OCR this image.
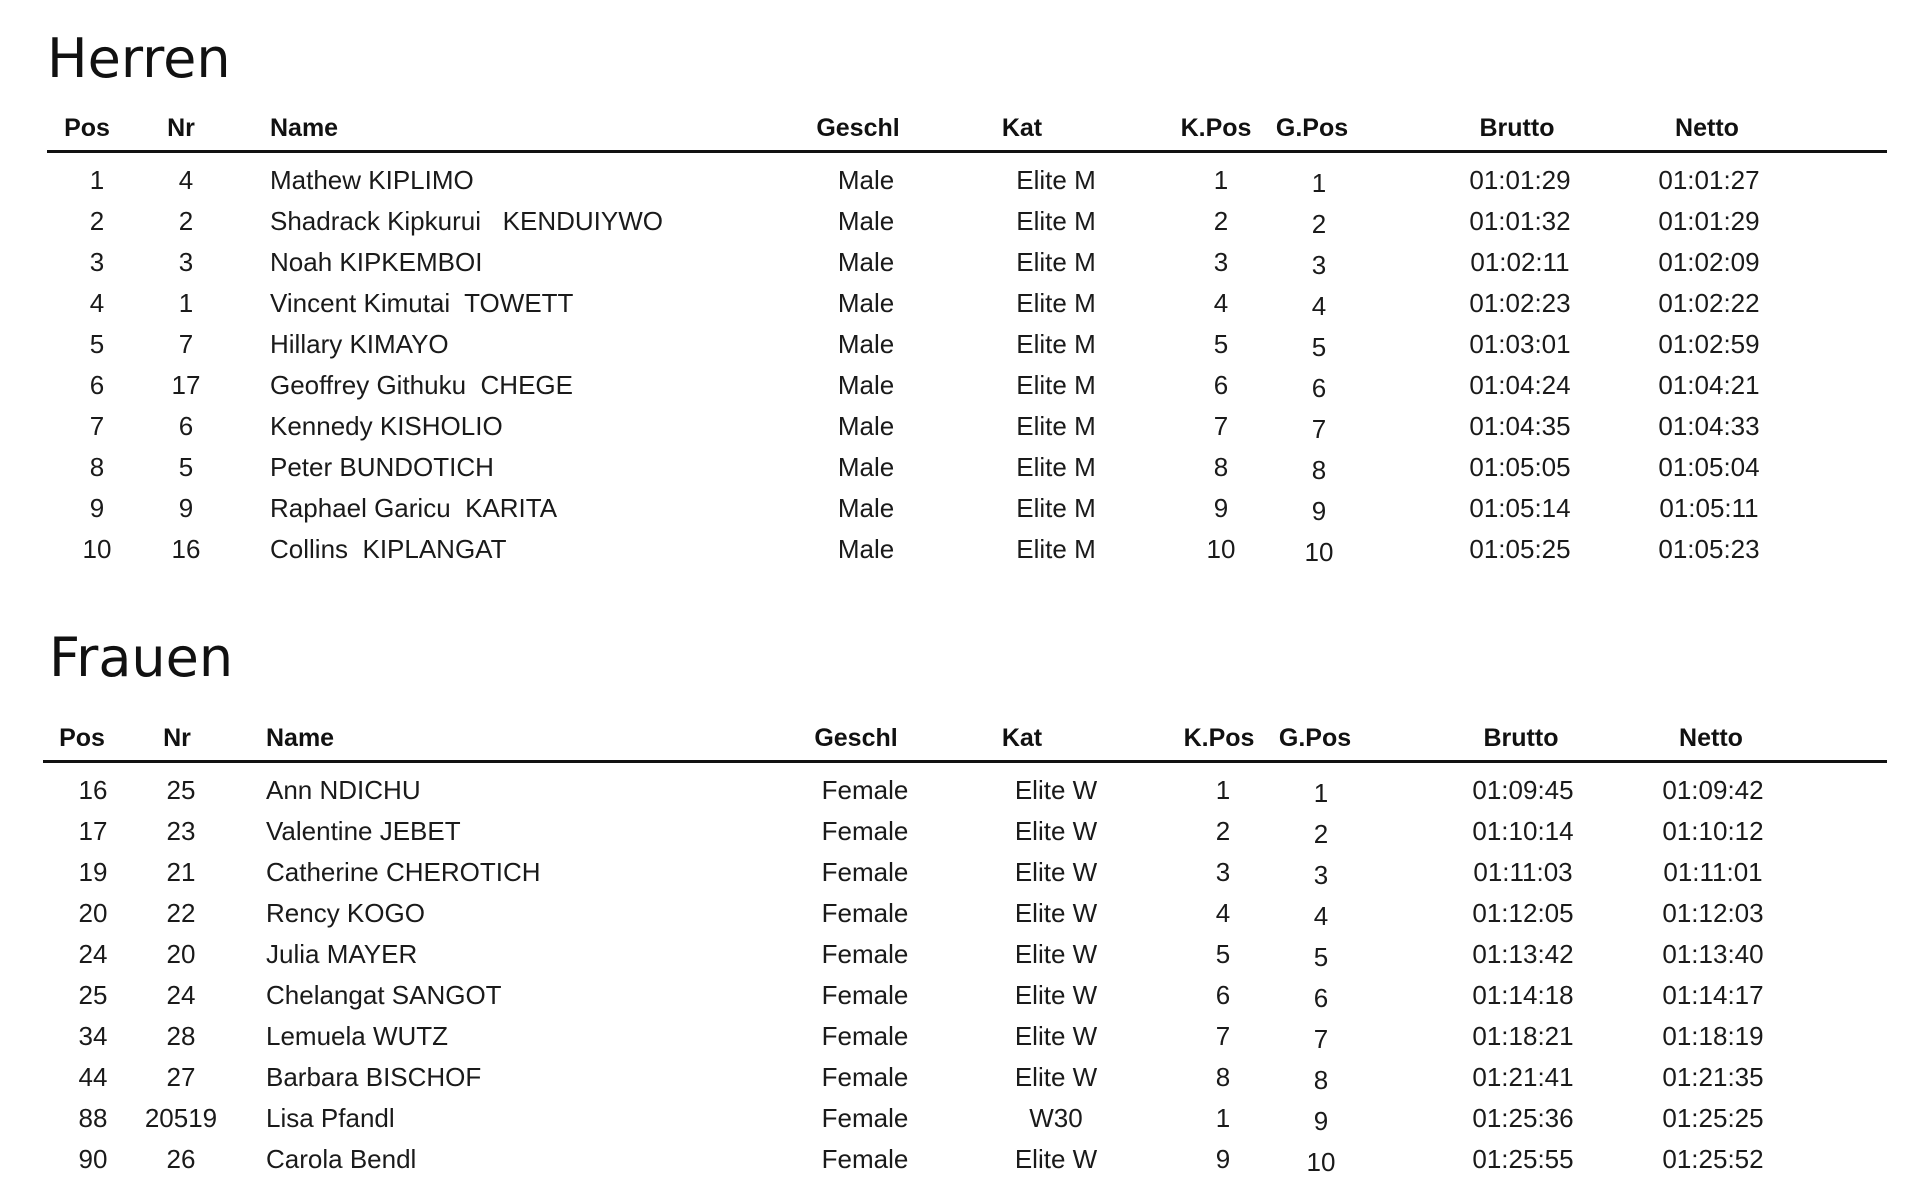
Herren
Pos Nr	Name	Geschl	Kat	K.Pos G.Pos	Brutto	Netto
1	4	Mathew KIPLIMO	Male	Elite M	1	1	01:01:29	01:01:27
2	2	Shadrack Kipkurui   KENDUIYWO	Male	Elite M	2	2	01:01:32	01:01:29
3	3	Noah KIPKEMBOI	Male	Elite M	3	3	01:02:11	01:02:09
4	1	Vincent Kimutai  TOWETT	Male	Elite M	4	4	01:02:23	01:02:22
5	7	Hillary KIMAYO	Male	Elite M	5	5	01:03:01	01:02:59
6	17	Geoffrey Githuku  CHEGE	Male	Elite M	6	6	01:04:24	01:04:21
7	6	Kennedy KISHOLIO	Male	Elite M	7	7	01:04:35	01:04:33
8	5	Peter BUNDOTICH	Male	Elite M	8	8	01:05:05	01:05:04
9	9	Raphael Garicu  KARITA	Male	Elite M	9	9	01:05:14	01:05:11
10 16	Collins  KIPLANGAT	Male	Elite M	10	10	01:05:25	01:05:23
Frauen
Pos Nr	Name	Geschl	Kat	K.Pos G.Pos	Brutto	Netto
16 25	Ann NDICHU	Female	Elite W	1	1	01:09:45	01:09:42
17 23	Valentine JEBET	Female	Elite W	2	2	01:10:14	01:10:12
19 21	Catherine CHEROTICH	Female	Elite W	3	3	01:11:03	01:11:01
20 22	Rency KOGO	Female	Elite W	4	4	01:12:05	01:12:03
24 20	Julia MAYER	Female	Elite W	5	5	01:13:42	01:13:40
25 24	Chelangat SANGOT	Female	Elite W	6	6	01:14:18	01:14:17
34 28	Lemuela WUTZ	Female	Elite W	7	7	01:18:21	01:18:19
44 27	Barbara BISCHOF	Female	Elite W	8	8	01:21:41	01:21:35
88 20519 Lisa Pfandl	Female	W30	1	9	01:25:36	01:25:25
90 26	Carola Bendl	Female	Elite W	9	10	01:25:55	01:25:52
